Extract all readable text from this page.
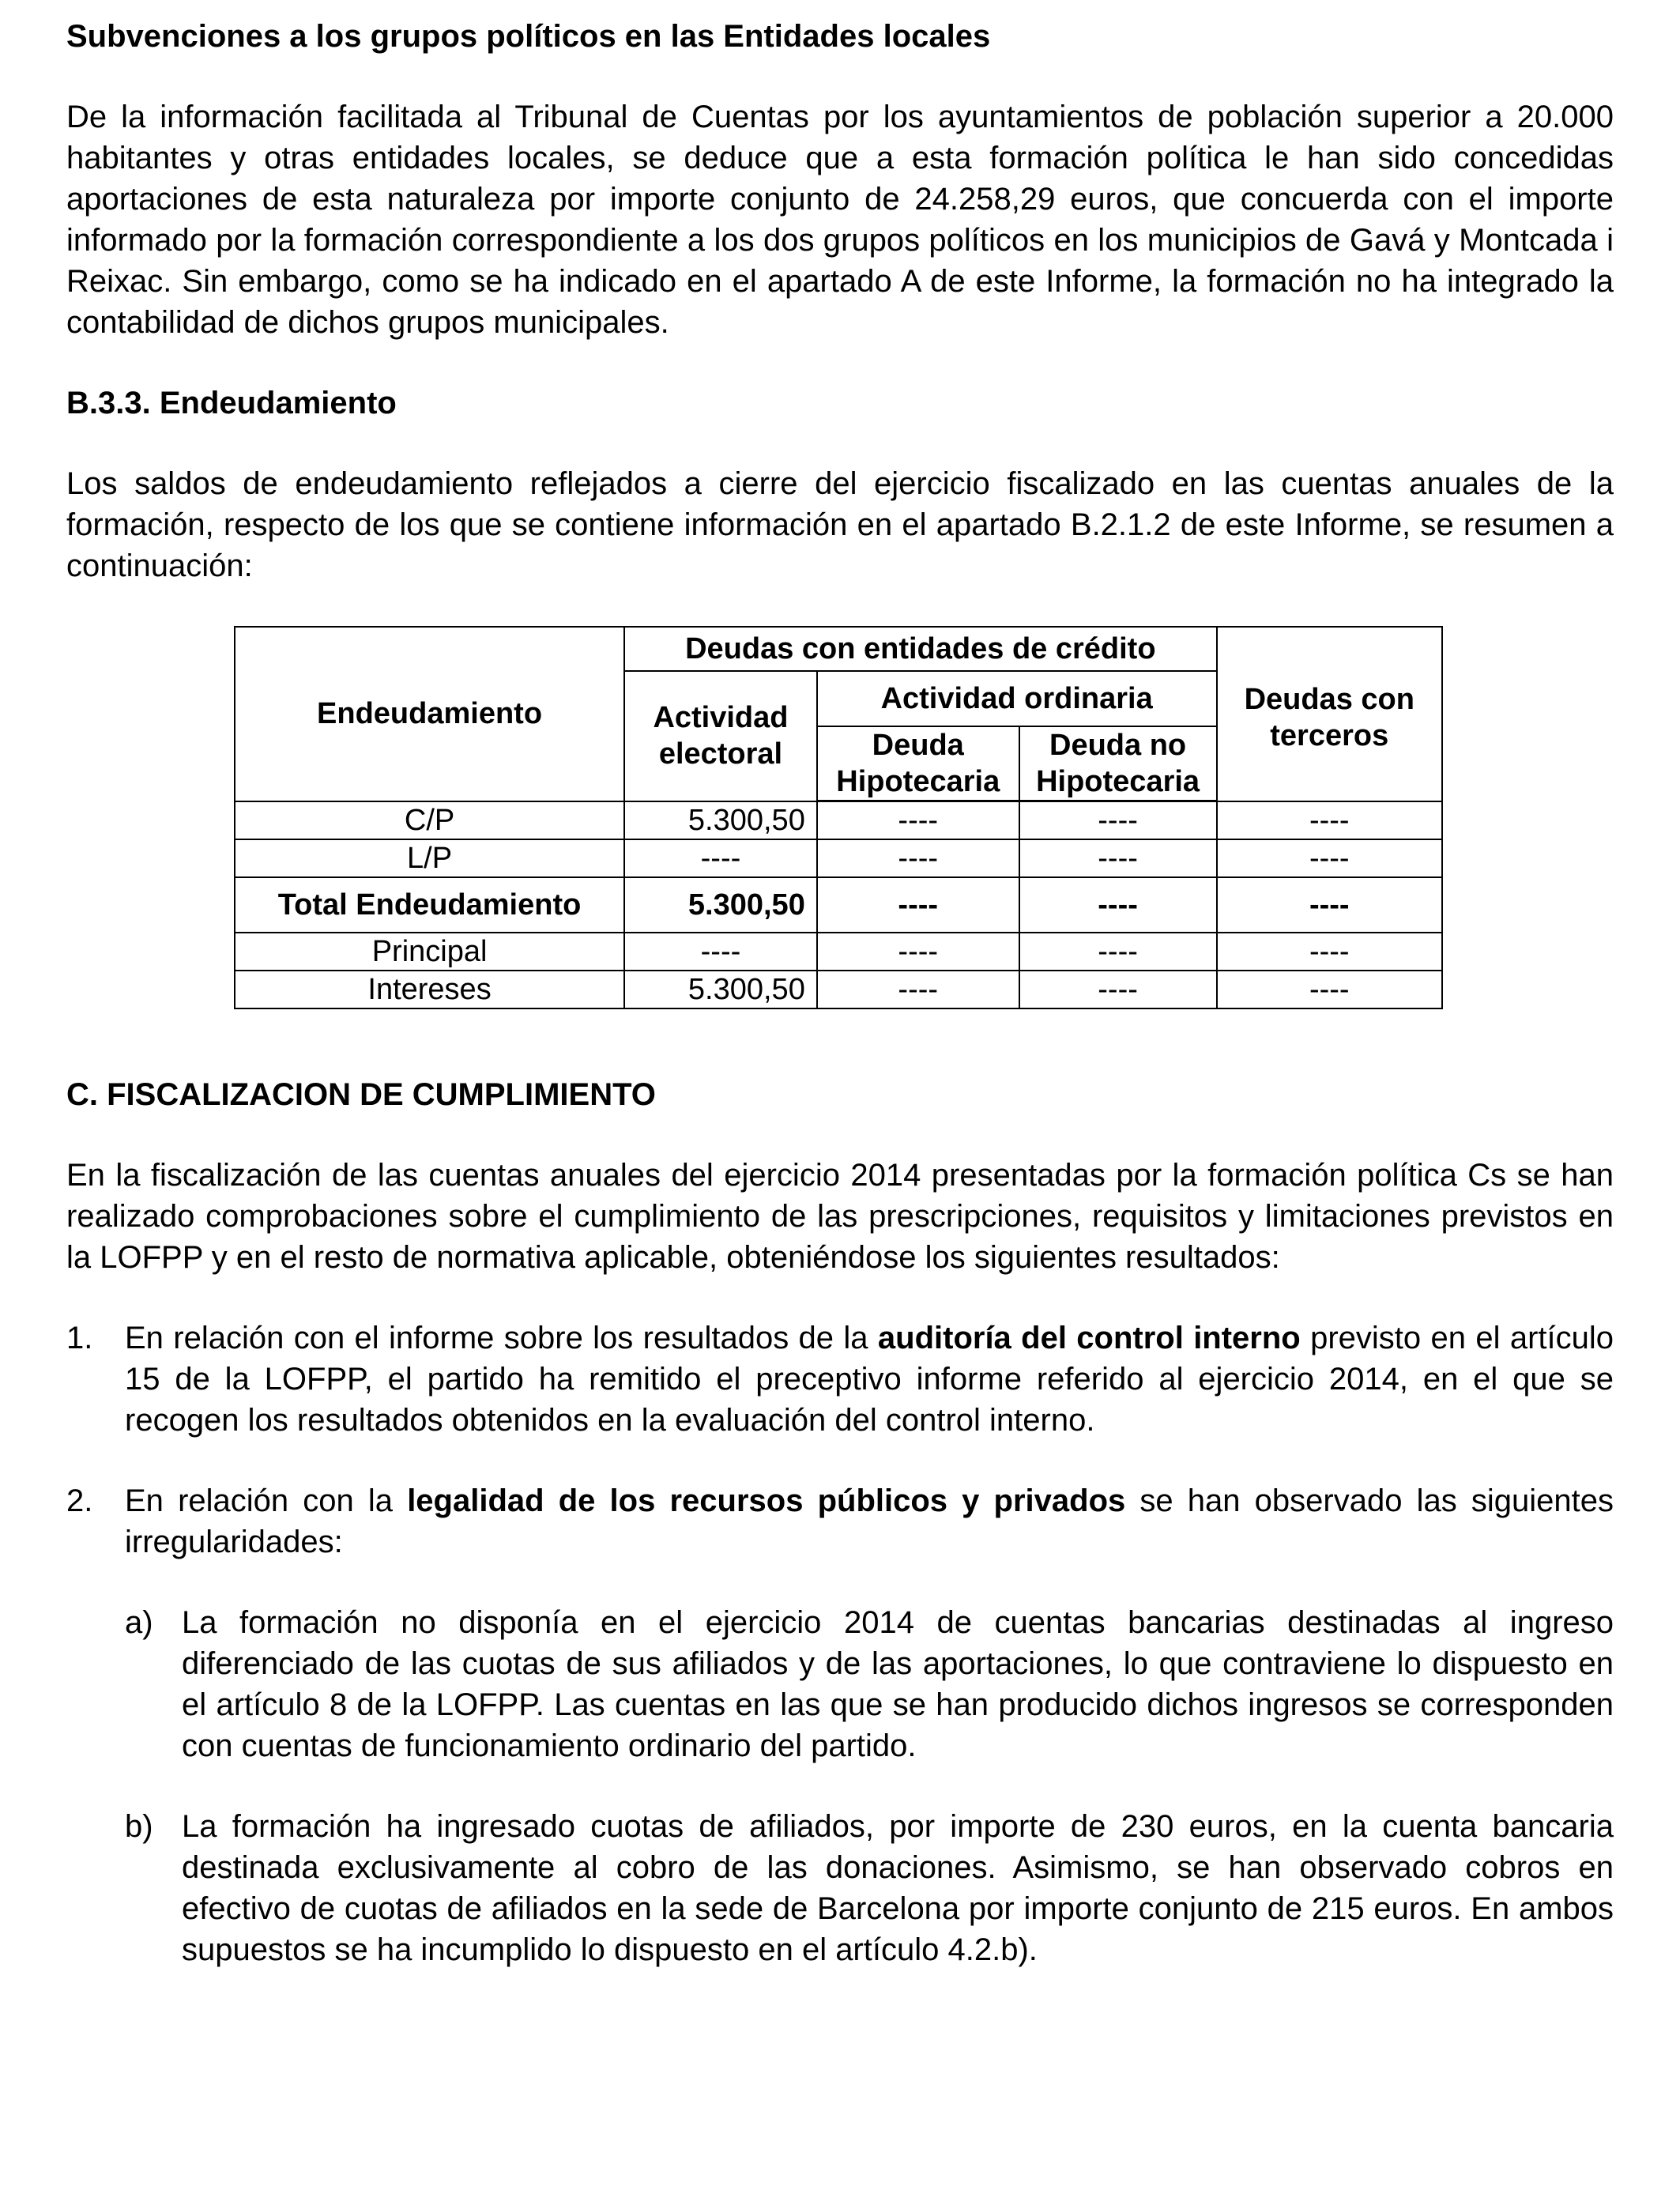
Subvenciones a los grupos políticos en las Entidades locales

De la información facilitada al Tribunal de Cuentas por los ayuntamientos de población superior a 20.000 habitantes y otras entidades locales, se deduce que a esta formación política le han sido concedidas aportaciones de esta naturaleza por importe conjunto de 24.258,29 euros, que concuerda con el importe informado por la formación correspondiente a los dos grupos políticos en los municipios de Gavá y Montcada i Reixac. Sin embargo, como se ha indicado en el apartado A de este Informe, la formación no ha integrado la contabilidad de dichos grupos municipales.

B.3.3. Endeudamiento

Los saldos de endeudamiento reflejados a cierre del ejercicio fiscalizado en las cuentas anuales de la formación, respecto de los que se contiene información en el apartado B.2.1.2 de este Informe, se resumen a continuación:

Endeudamiento	Deudas con entidades de crédito			Deudas con terceros
	Actividad electoral	Actividad ordinaria		
		Deuda Hipotecaria	Deuda no Hipotecaria	
C/P	5.300,50	----	----	----
L/P	----	----	----	----
Total Endeudamiento	5.300,50	----	----	----
Principal	----	----	----	----
Intereses	5.300,50	----	----	----
C. FISCALIZACION DE CUMPLIMIENTO

En la fiscalización de las cuentas anuales del ejercicio 2014 presentadas por la formación política Cs se han realizado comprobaciones sobre el cumplimiento de las prescripciones, requisitos y limitaciones previstos en la LOFPP y en el resto de normativa aplicable, obteniéndose los siguientes resultados:

1. En relación con el informe sobre los resultados de la auditoría del control interno previsto en el artículo 15 de la LOFPP, el partido ha remitido el preceptivo informe referido al ejercicio 2014, en el que se recogen los resultados obtenidos en la evaluación del control interno.
2. En relación con la legalidad de los recursos públicos y privados se han observado las siguientes irregularidades:
a) La formación no disponía en el ejercicio 2014 de cuentas bancarias destinadas al ingreso diferenciado de las cuotas de sus afiliados y de las aportaciones, lo que contraviene lo dispuesto en el artículo 8 de la LOFPP. Las cuentas en las que se han producido dichos ingresos se corresponden con cuentas de funcionamiento ordinario del partido.
b) La formación ha ingresado cuotas de afiliados, por importe de 230 euros, en la cuenta bancaria destinada exclusivamente al cobro de las donaciones. Asimismo, se han observado cobros en efectivo de cuotas de afiliados en la sede de Barcelona por importe conjunto de 215 euros. En ambos supuestos se ha incumplido lo dispuesto en el artículo 4.2.b).
